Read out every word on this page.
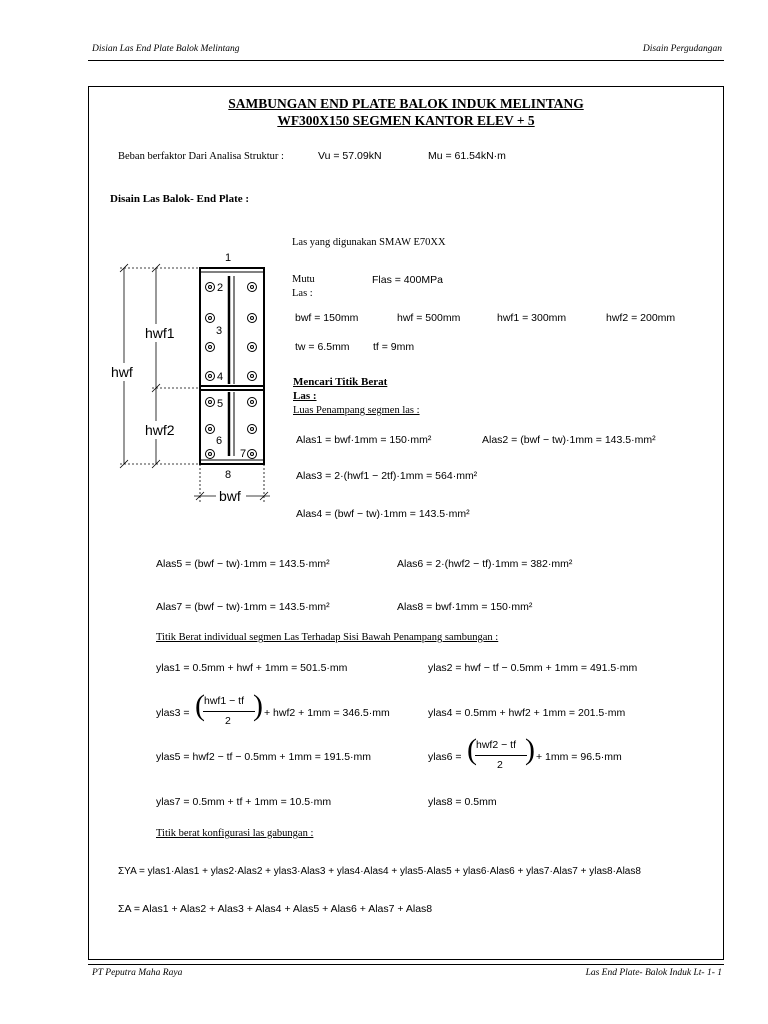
Disian Las End Plate Balok Melintang	Disain Pergudangan
PT Peputra Maha Raya	Las End Plate- Balok Induk Lt- 1- 1
SAMBUNGAN END PLATE BALOK INDUK MELINTANG
WF300X150 SEGMEN KANTOR ELEV + 5
Beban berfaktor Dari Analisa Struktur :	Vu = 57.09kN	Mu = 61.54kN·m
Disain Las Balok- End Plate :
Las yang digunakan SMAW E70XX
Mutu
Las :
Flas = 400MPa
bwf = 150mm	hwf = 500mm	hwf1 = 300mm	hwf2 = 200mm
tw = 6.5mm tf = 9mm
Mencari Titik Berat
Las :
Luas Penampang segmen las :
Alas1 = bwf·1mm = 150·mm²	Alas2 = (bwf − tw)·1mm = 143.5·mm²
Alas3 = 2·(hwf1 − 2tf)·1mm = 564·mm²
Alas4 = (bwf − tw)·1mm = 143.5·mm²
Alas5 = (bwf − tw)·1mm = 143.5·mm²	Alas6 = 2·(hwf2 − tf)·1mm = 382·mm²
Alas7 = (bwf − tw)·1mm = 143.5·mm²	Alas8 = bwf·1mm = 150·mm²
Titik Berat individual segmen Las Terhadap Sisi Bawah Penampang sambungan :
ylas1 = 0.5mm + hwf + 1mm = 501.5·mm	ylas2 = hwf − tf − 0.5mm + 1mm = 491.5·mm
ylas3 =
hwf1 − tf
2
( ) + hwf2 + 1mm = 346.5·mm	ylas4 = 0.5mm + hwf2 + 1mm = 201.5·mm
ylas5 = hwf2 − tf − 0.5mm + 1mm = 191.5·mm	ylas6 =
hwf2 − tf
2
( ) + 1mm = 96.5·mm
ylas7 = 0.5mm + tf + 1mm = 10.5·mm	ylas8 = 0.5mm
Titik berat konfigurasi las gabungan :
ΣYA = ylas1·Alas1 + ylas2·Alas2 + ylas3·Alas3 + ylas4·Alas4 + ylas5·Alas5 + ylas6·Alas6 + ylas7·Alas7 + ylas8·Alas8
ΣA = Alas1 + Alas2 + Alas3 + Alas4 + Alas5 + Alas6 + Alas7 + Alas8
1
2
3
4
5
6
7
8
hwf
hwf1
hwf2
bwf
